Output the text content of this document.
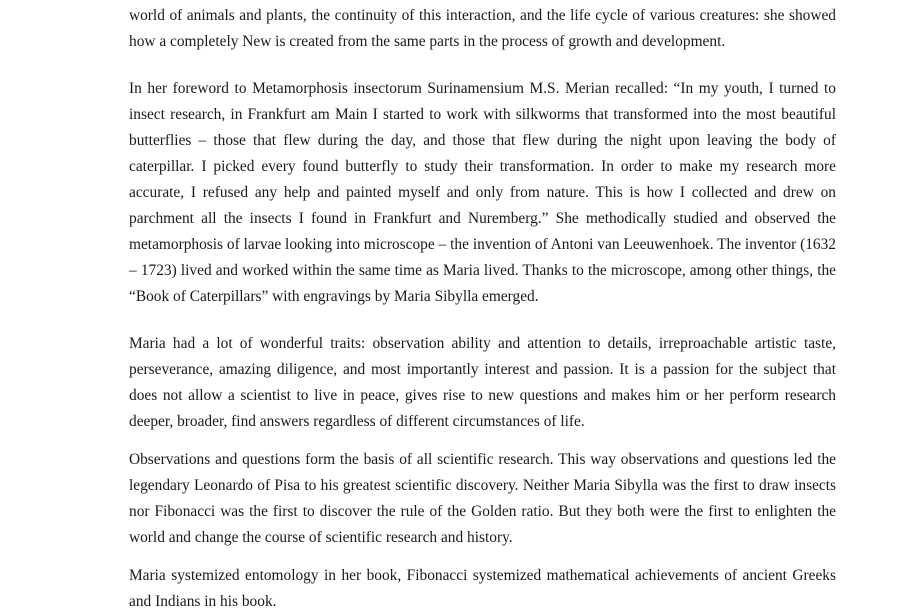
world of animals and plants, the continuity of this interaction, and the life cycle of various creatures: she showed how a completely New is created from the same parts in the process of growth and development.

In her foreword to Metamorphosis insectorum Surinamensium M.S. Merian recalled: “In my youth, I turned to insect research, in Frankfurt am Main I started to work with silkworms that transformed into the most beautiful butterflies – those that flew during the day, and those that flew during the night upon leaving the body of caterpillar. I picked every found butterfly to study their transformation. In order to make my research more accurate, I refused any help and painted myself and only from nature. This is how I collected and drew on parchment all the insects I found in Frankfurt and Nuremberg.” She methodically studied and observed the metamorphosis of larvae looking into microscope – the invention of Antoni van Leeuwenhoek. The inventor (1632 – 1723) lived and worked within the same time as Maria lived. Thanks to the microscope, among other things, the “Book of Caterpillars” with engravings by Maria Sibylla emerged.

Maria had a lot of wonderful traits: observation ability and attention to details, irreproachable artistic taste, perseverance, amazing diligence, and most importantly interest and passion. It is a passion for the subject that does not allow a scientist to live in peace, gives rise to new questions and makes him or her perform research deeper, broader, find answers regardless of different circumstances of life.

Observations and questions form the basis of all scientific research. This way observations and questions led the legendary Leonardo of Pisa to his greatest scientific discovery. Neither Maria Sibylla was the first to draw insects nor Fibonacci was the first to discover the rule of the Golden ratio. But they both were the first to enlighten the world and change the course of scientific research and history.

Maria systemized entomology in her book, Fibonacci systemized mathematical achievements of ancient Greeks and Indians in his book.
